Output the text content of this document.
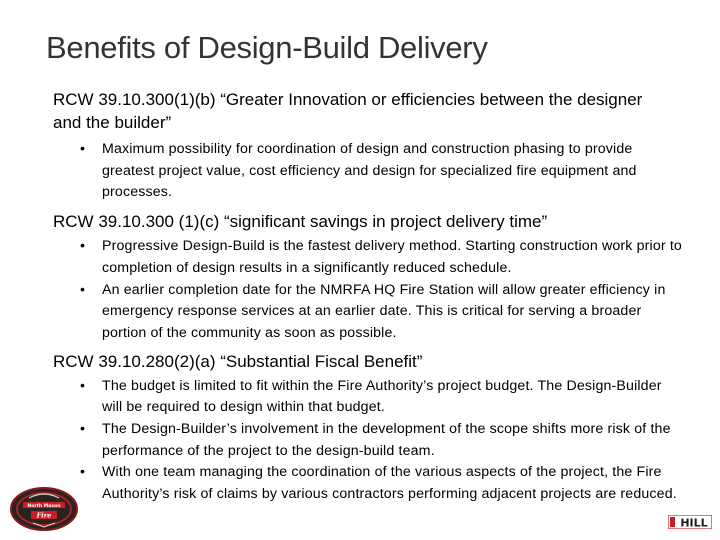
Benefits of Design-Build Delivery

RCW 39.10.300(1)(b) “Greater Innovation or efficiencies between the designer and the builder”

• Maximum possibility for coordination of design and construction phasing to provide greatest project value, cost efficiency and design for specialized fire equipment and processes.

RCW 39.10.300 (1)(c) “significant savings in project delivery time”

• Progressive Design-Build is the fastest delivery method. Starting construction work prior to completion of design results in a significantly reduced schedule.
• An earlier completion date for the NMRFA HQ Fire Station will allow greater efficiency in emergency response services at an earlier date. This is critical for serving a broader portion of the community as soon as possible.

RCW 39.10.280(2)(a) “Substantial Fiscal Benefit”

• The budget is limited to fit within the Fire Authority’s project budget. The Design-Builder will be required to design within that budget.
• The Design-Builder’s involvement in the development of the scope shifts more risk of the performance of the project to the design-build team.
• With one team managing the coordination of the various aspects of the project, the Fire Authority’s risk of claims by various contractors performing adjacent projects are reduced.
North Mason
Fire
HILL
